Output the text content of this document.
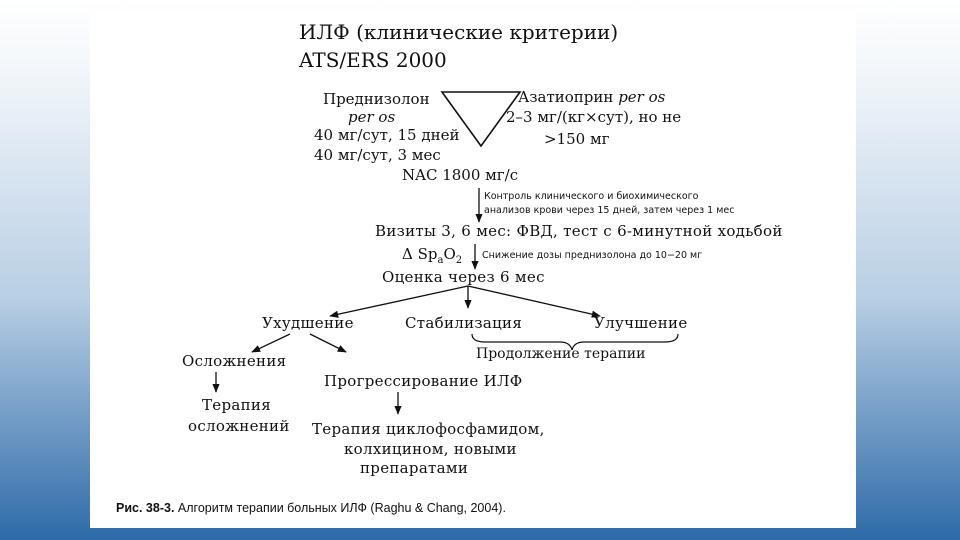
ИЛФ (клинические критерии)
ATS/ERS 2000
Преднизолон
per os
40 мг/сут, 15 дней
40 мг/сут, 3 мес
Азатиоприн per os
2–3 мг/(кг×сут), но не
>150 мг
NAC 1800 мг/с
Контроль клинического и биохимического
анализов крови через 15 дней, затем через 1 мес
Визиты 3, 6 мес: ФВД, тест с 6-минутной ходьбой
Δ $Sp_aO_2$ Снижение дозы преднизолона до 10−20 мг
Оценка через 6 мес
Ухудшение	Стабилизация	Улучшение
Продолжение терапии
Осложнения
Прогрессирование ИЛФ
Терапия
осложнений Терапия циклофосфамидом,
колхицином, новыми
препаратами
Рис. 38-3. Алгоритм терапии больных ИЛФ (Raghu & Chang, 2004).
